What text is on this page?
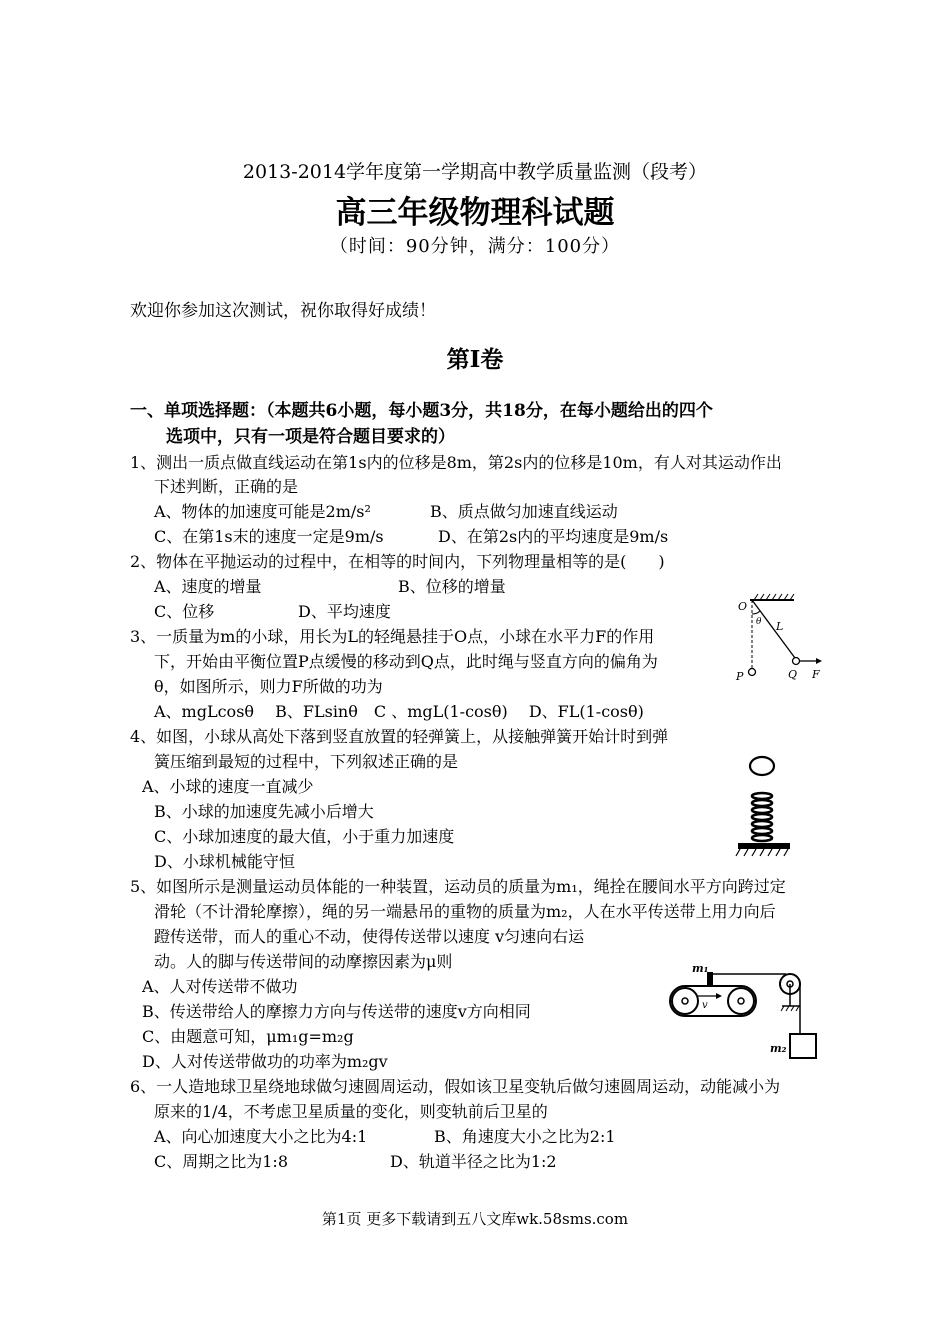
2013-2014学年度第一学期高中教学质量监测（段考）
高三年级物理科试题
（时间：90分钟，满分：100分）
欢迎你参加这次测试，祝你取得好成绩！
第I卷
一、单项选择题：（本题共6小题，每小题3分，共18分，在每小题给出的四个
选项中，只有一项是符合题目要求的）
1、测出一质点做直线运动在第1s内的位移是8m，第2s内的位移是10m，有人对其运动作出
下述判断，正确的是
A、物体的加速度可能是2m/s²	B、质点做匀加速直线运动
C、在第1s末的速度一定是9m/s	D、在第2s内的平均速度是9m/s
2、物体在平抛运动的过程中，在相等的时间内，下列物理量相等的是(　　)
A、速度的增量	B、位移的增量
C、位移	D、平均速度
3、一质量为m的小球，用长为L的轻绳悬挂于O点，小球在水平力F的作用
下，开始由平衡位置P点缓慢的移动到Q点，此时绳与竖直方向的偏角为
θ，如图所示，则力F所做的功为
A、mgLcosθ　 B、FLsinθ　C 、mgL(1-cosθ)　 D、FL(1-cosθ)
O
θ L
P	Q F
4、如图，小球从高处下落到竖直放置的轻弹簧上，从接触弹簧开始计时到弹
簧压缩到最短的过程中，下列叙述正确的是
A、小球的速度一直减少
B、小球的加速度先减小后增大
C、小球加速度的最大值，小于重力加速度
D、小球机械能守恒
5、如图所示是测量运动员体能的一种装置，运动员的质量为m₁，绳拴在腰间水平方向跨过定
滑轮（不计滑轮摩擦），绳的另一端悬吊的重物的质量为m₂，人在水平传送带上用力向后
蹬传送带，而人的重心不动，使得传送带以速度 v匀速向右运
动。人的脚与传送带间的动摩擦因素为μ则
A、人对传送带不做功
B、传送带给人的摩擦力方向与传送带的速度v方向相同
C、由题意可知，μm₁g=m₂g
D、人对传送带做功的功率为m₂gv
m₁
v
m₂
6、一人造地球卫星绕地球做匀速圆周运动，假如该卫星变轨后做匀速圆周运动，动能减小为
原来的1/4，不考虑卫星质量的变化，则变轨前后卫星的
A、向心加速度大小之比为4:1	B、角速度大小之比为2:1
C、周期之比为1:8	D、轨道半径之比为1:2
第1页 更多下载请到五八文库wk.58sms.com
